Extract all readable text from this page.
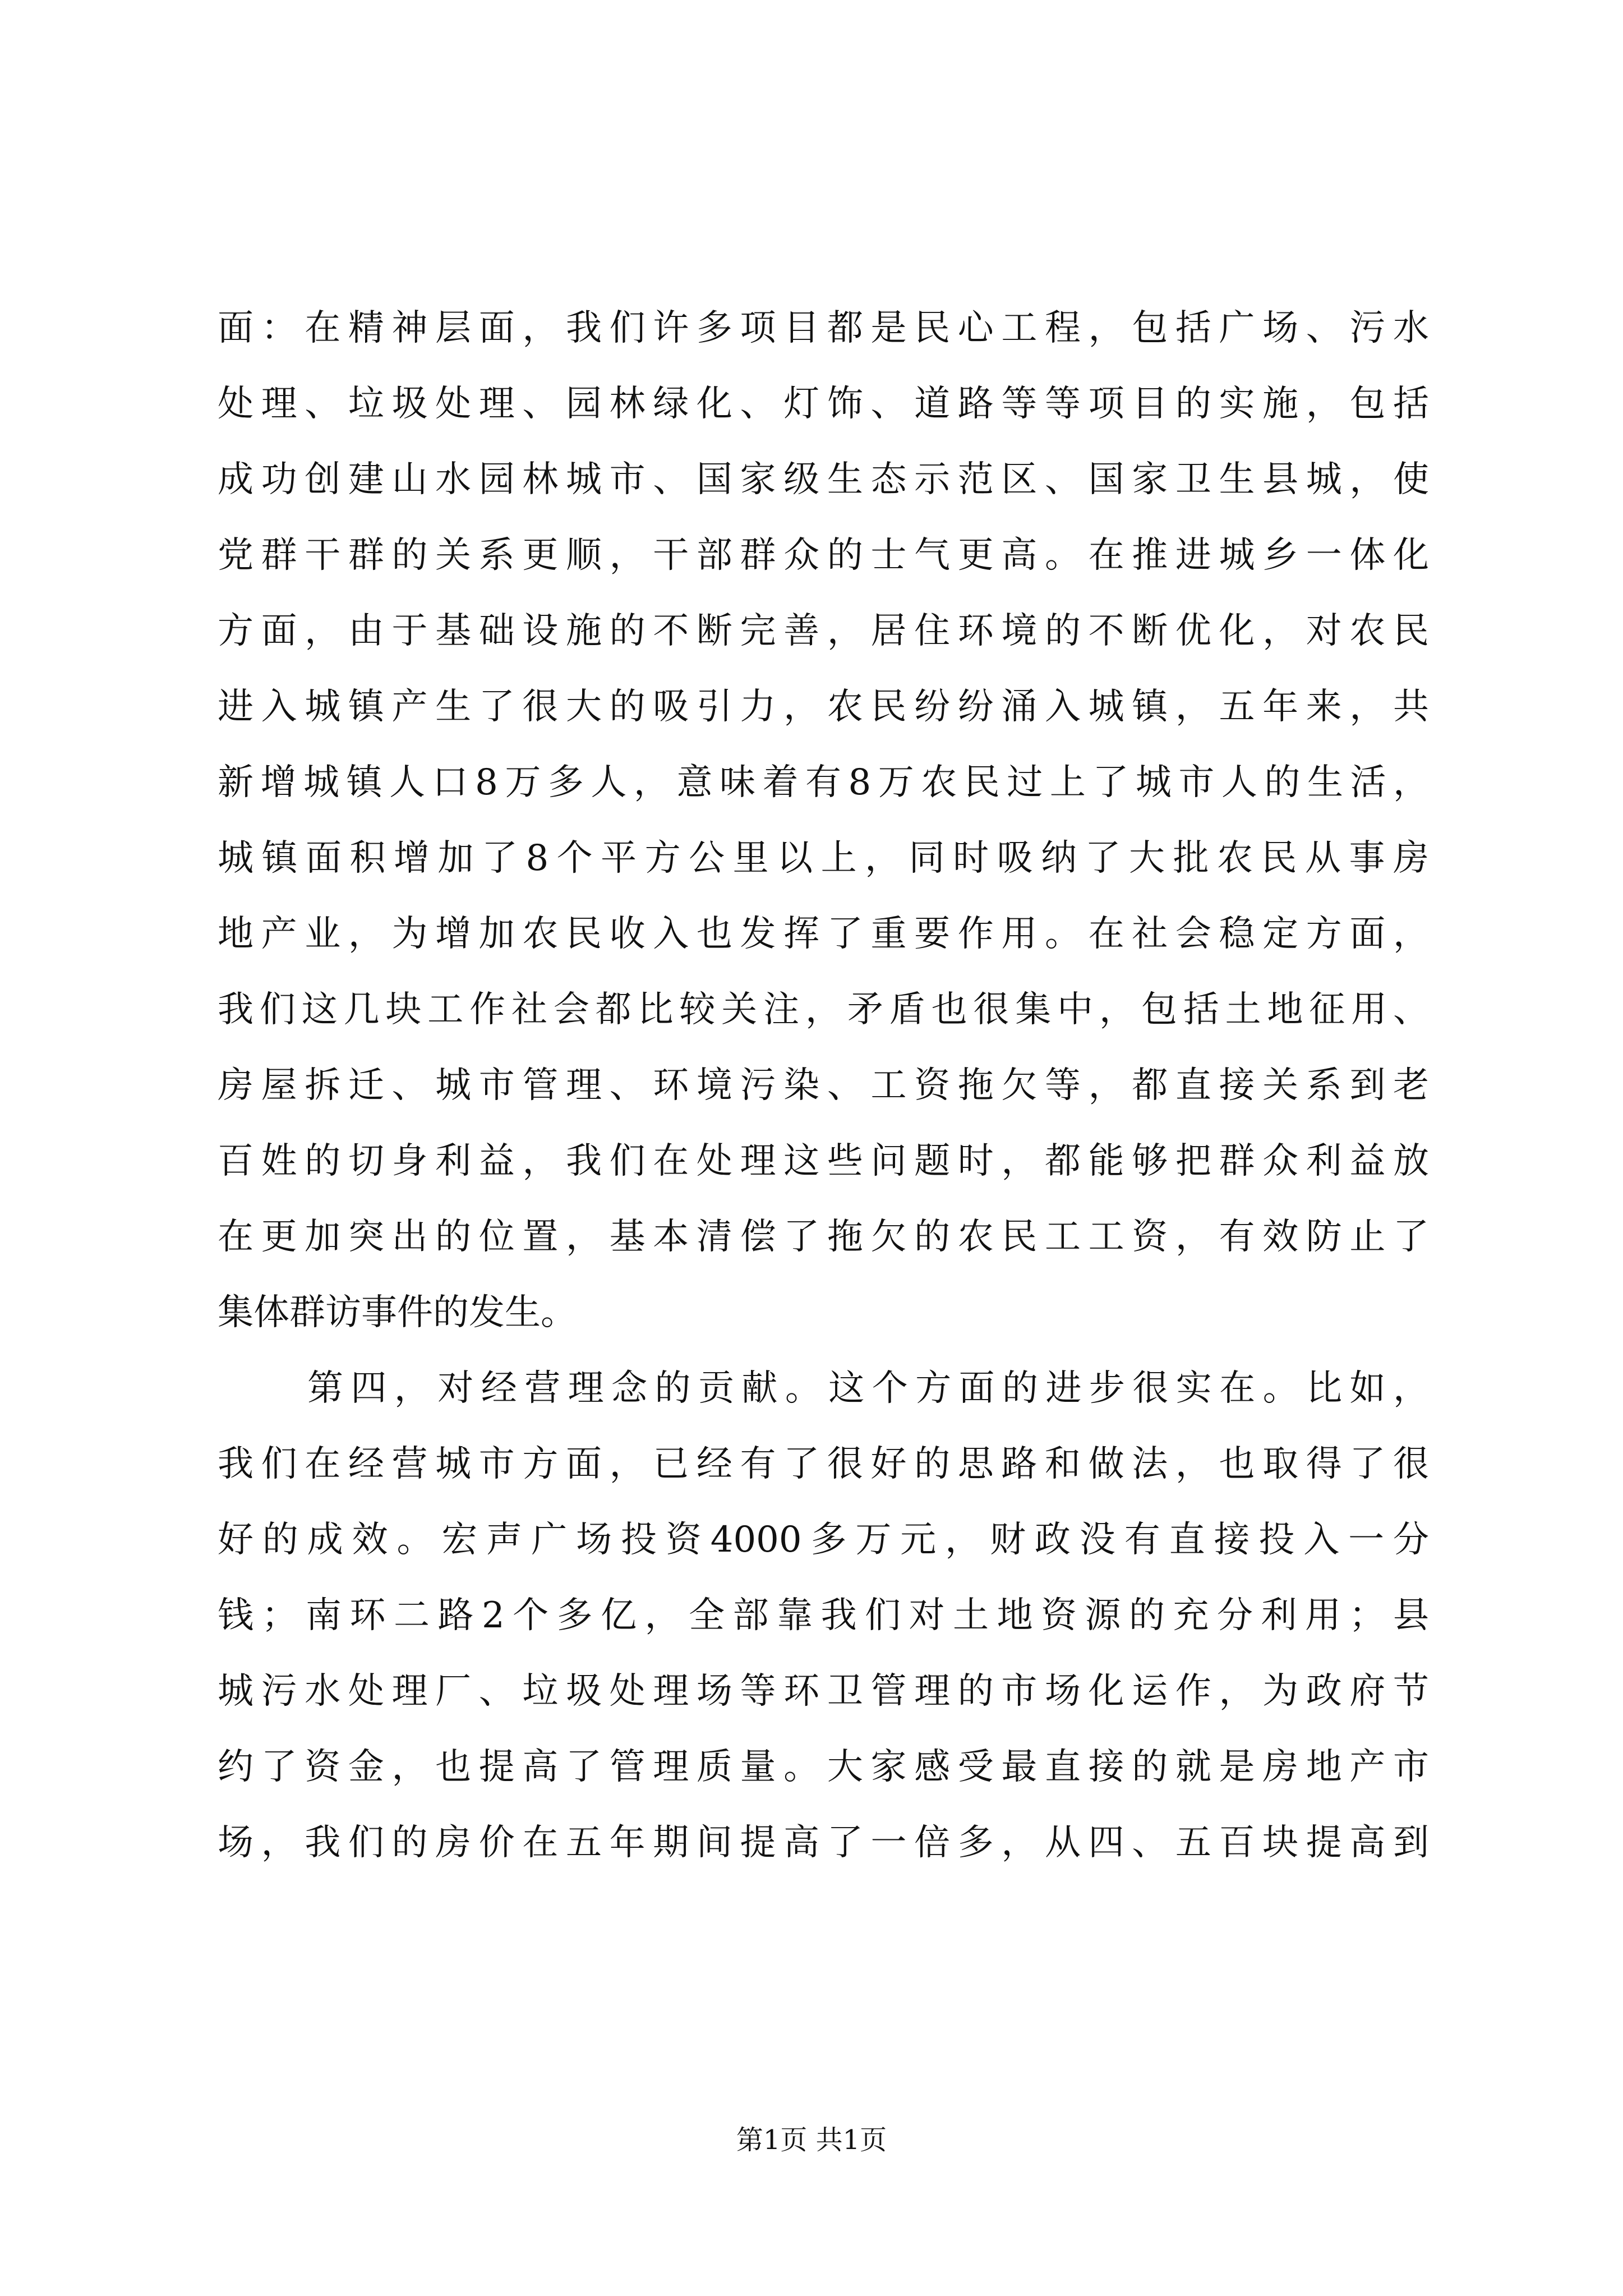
面：在精神层面，我们许多项目都是民心工程，包括广场、污水
处理、垃圾处理、园林绿化、灯饰、道路等等项目的实施，包括
成功创建山水园林城市、国家级生态示范区、国家卫生县城，使
党群干群的关系更顺，干部群众的士气更高。在推进城乡一体化
方面，由于基础设施的不断完善，居住环境的不断优化，对农民
进入城镇产生了很大的吸引力，农民纷纷涌入城镇，五年来，共
新增城镇人口8万多人，意味着有8万农民过上了城市人的生活，
城镇面积增加了8个平方公里以上，同时吸纳了大批农民从事房
地产业，为增加农民收入也发挥了重要作用。在社会稳定方面，
我们这几块工作社会都比较关注，矛盾也很集中，包括土地征用、
房屋拆迁、城市管理、环境污染、工资拖欠等，都直接关系到老
百姓的切身利益，我们在处理这些问题时，都能够把群众利益放
在更加突出的位置，基本清偿了拖欠的农民工工资，有效防止了
集体群访事件的发生。
第四，对经营理念的贡献。这个方面的进步很实在。比如，
我们在经营城市方面，已经有了很好的思路和做法，也取得了很
好的成效。宏声广场投资4000多万元，财政没有直接投入一分
钱；南环二路2个多亿，全部靠我们对土地资源的充分利用；县
城污水处理厂、垃圾处理场等环卫管理的市场化运作，为政府节
约了资金，也提高了管理质量。大家感受最直接的就是房地产市
场，我们的房价在五年期间提高了一倍多，从四、五百块提高到
第1页 共1页
